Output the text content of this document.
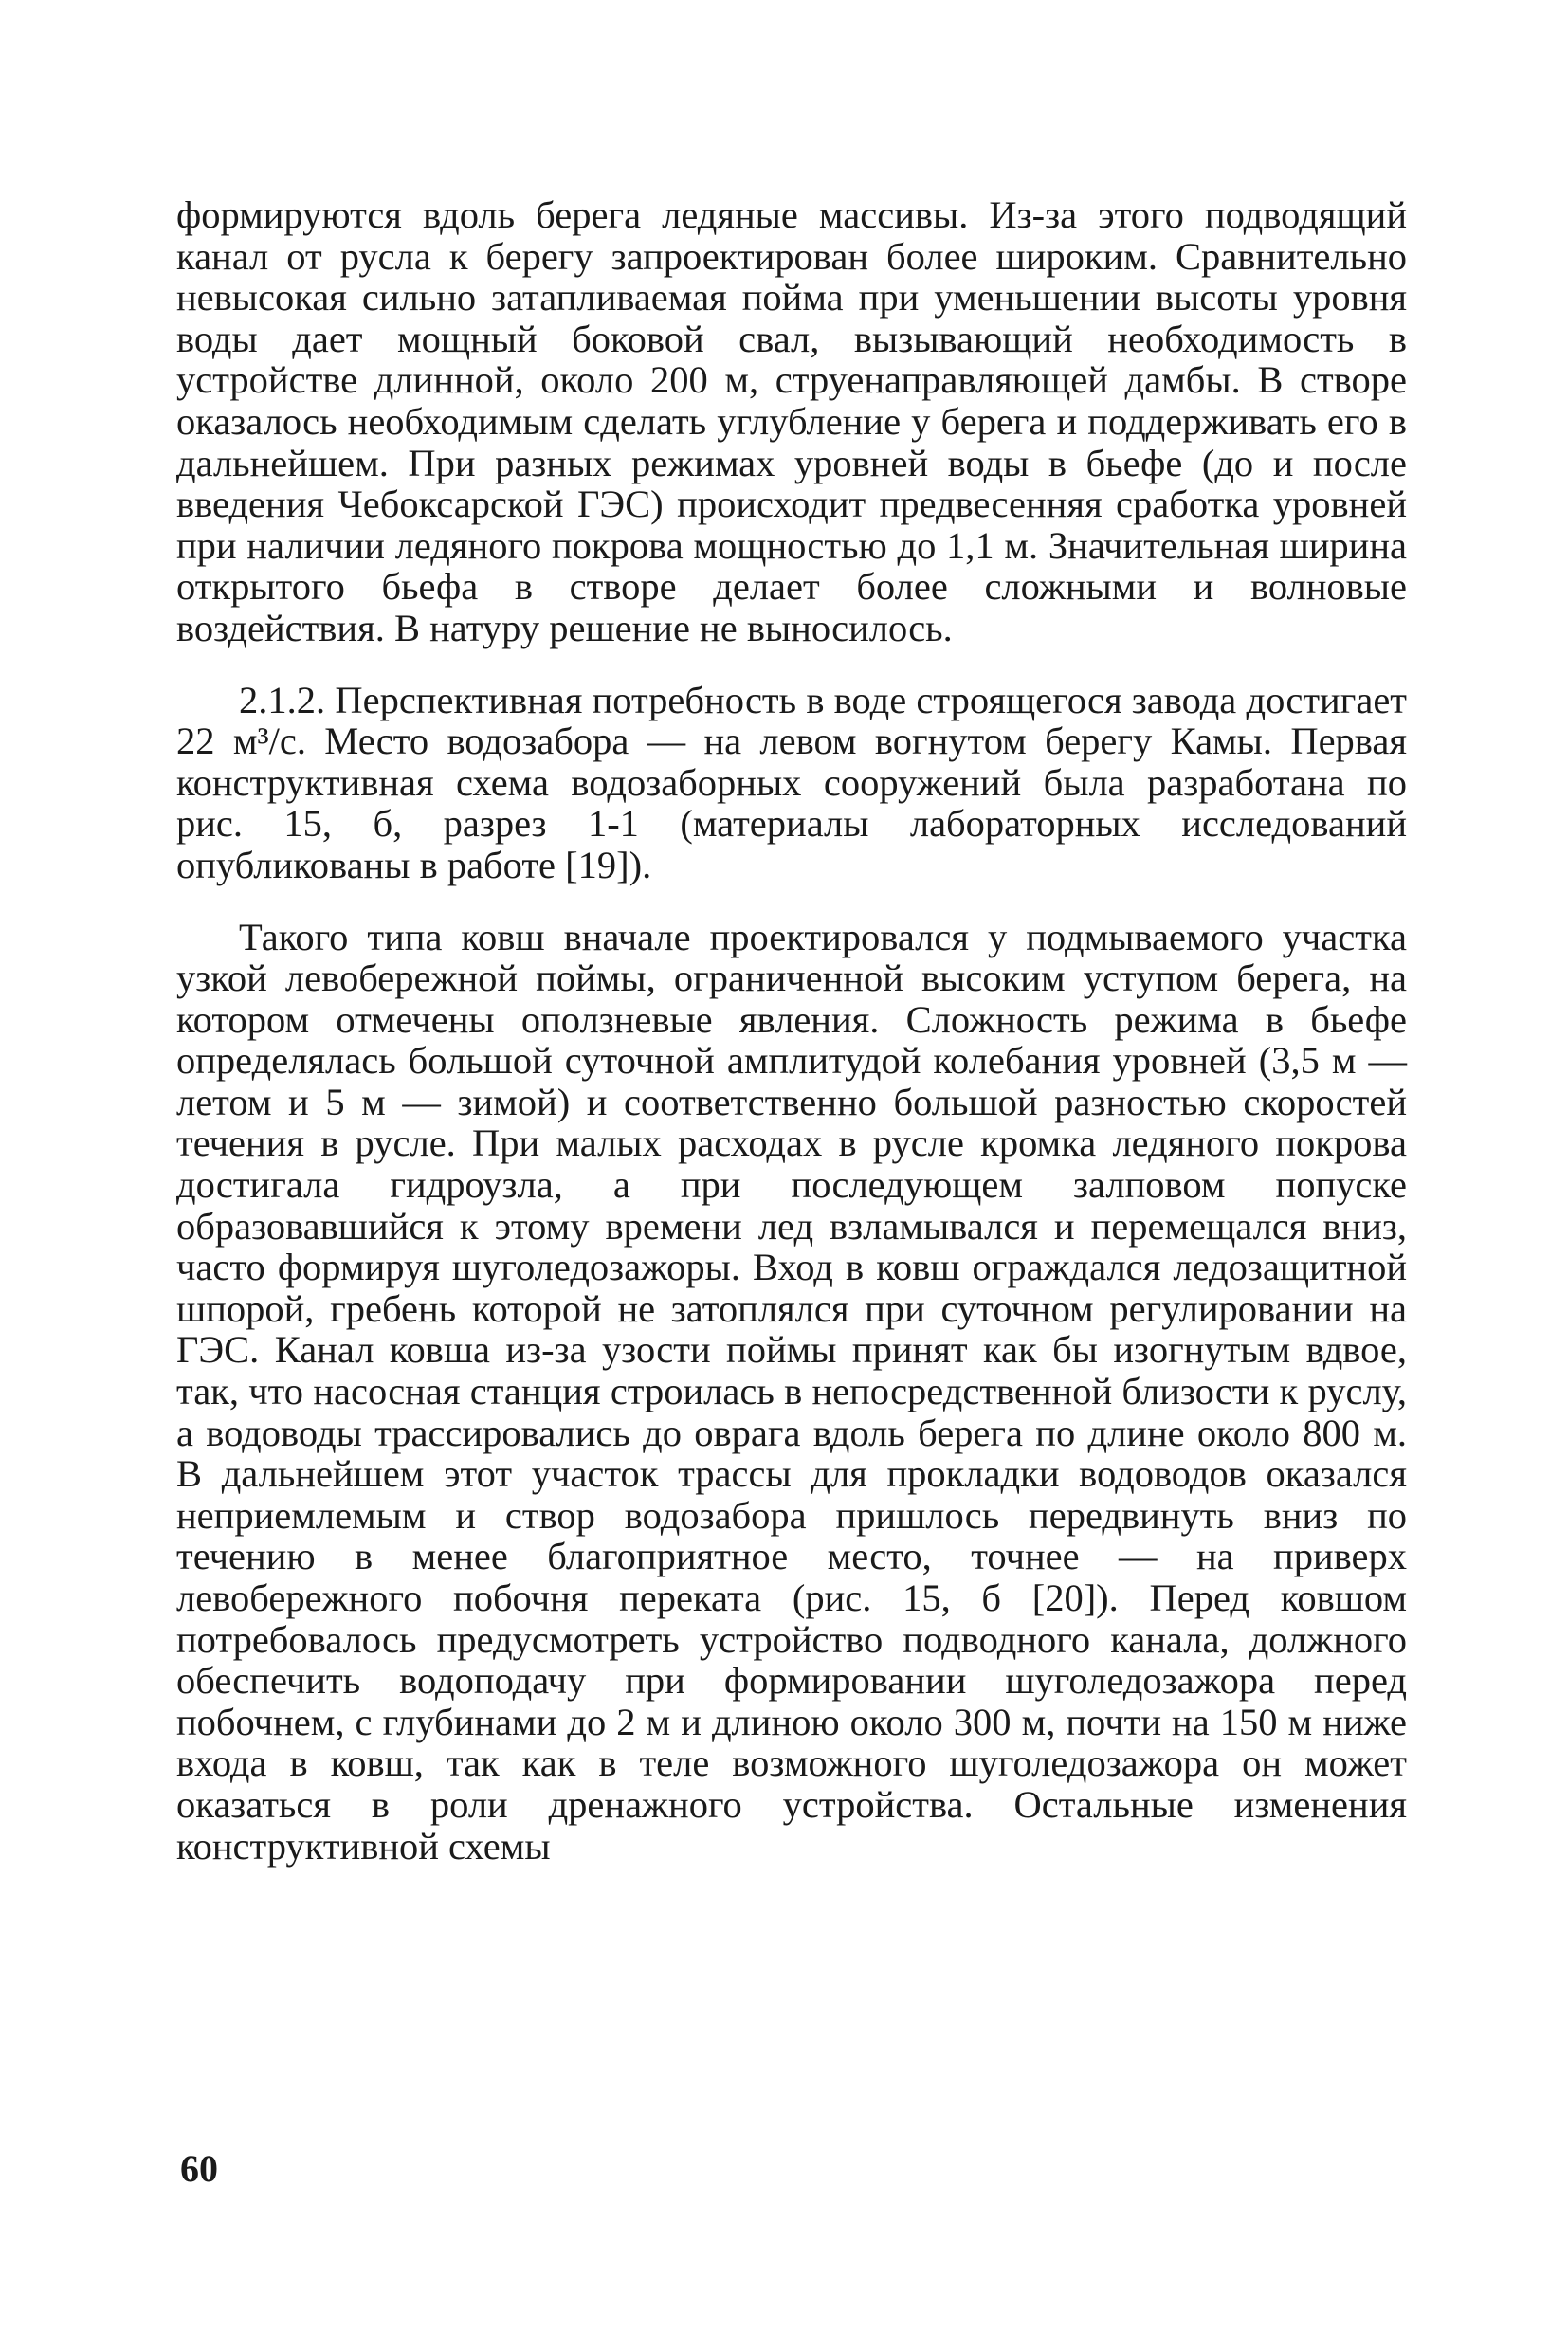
формируются вдоль берега ледяные массивы. Из-за этого подводящий канал от русла к берегу запроектирован более широким. Сравнительно невысокая сильно затапливаемая пойма при уменьшении высоты уровня воды дает мощный боковой свал, вызывающий необходимость в устройстве длинной, около 200 м, струенаправляющей дамбы. В створе оказалось необходимым сделать углубление у берега и поддерживать его в дальнейшем. При разных режимах уровней воды в бьефе (до и после введения Чебоксарской ГЭС) происходит предвесенняя сработка уровней при наличии ледяного покрова мощностью до 1,1 м. Значительная ширина открытого бьефа в створе делает более сложными и волновые воздействия. В натуру решение не выносилось.

2.1.2. Перспективная потребность в воде строящегося завода достигает 22 м³/с. Место водозабора — на левом вогнутом берегу Камы. Первая конструктивная схема водозаборных сооружений была разработана по рис. 15, б, разрез 1-1 (материалы лабораторных исследований опубликованы в работе [19]).

Такого типа ковш вначале проектировался у подмываемого участка узкой левобережной поймы, ограниченной высоким уступом берега, на котором отмечены оползневые явления. Сложность режима в бьефе определялась большой суточной амплитудой колебания уровней (3,5 м — летом и 5 м — зимой) и соответственно большой разностью скоростей течения в русле. При малых расходах в русле кромка ледяного покрова достигала гидроузла, а при последующем залповом попуске образовавшийся к этому времени лед взламывался и перемещался вниз, часто формируя шуголедозажоры. Вход в ковш ограждался ледозащитной шпорой, гребень которой не затоплялся при суточном регулировании на ГЭС. Канал ковша из-за узости поймы принят как бы изогнутым вдвое, так, что насосная станция строилась в непосредственной близости к руслу, а водоводы трассировались до оврага вдоль берега по длине около 800 м. В дальнейшем этот участок трассы для прокладки водоводов оказался неприемлемым и створ водозабора пришлось передвинуть вниз по течению в менее благоприятное место, точнее — на приверх левобережного побочня переката (рис. 15, б [20]). Перед ковшом потребовалось предусмотреть устройство подводного канала, должного обеспечить водоподачу при формировании шуголедозажора перед побочнем, с глубинами до 2 м и длиною около 300 м, почти на 150 м ниже входа в ковш, так как в теле возможного шуголедозажора он может оказаться в роли дренажного устройства. Остальные изменения конструктивной схемы

60
